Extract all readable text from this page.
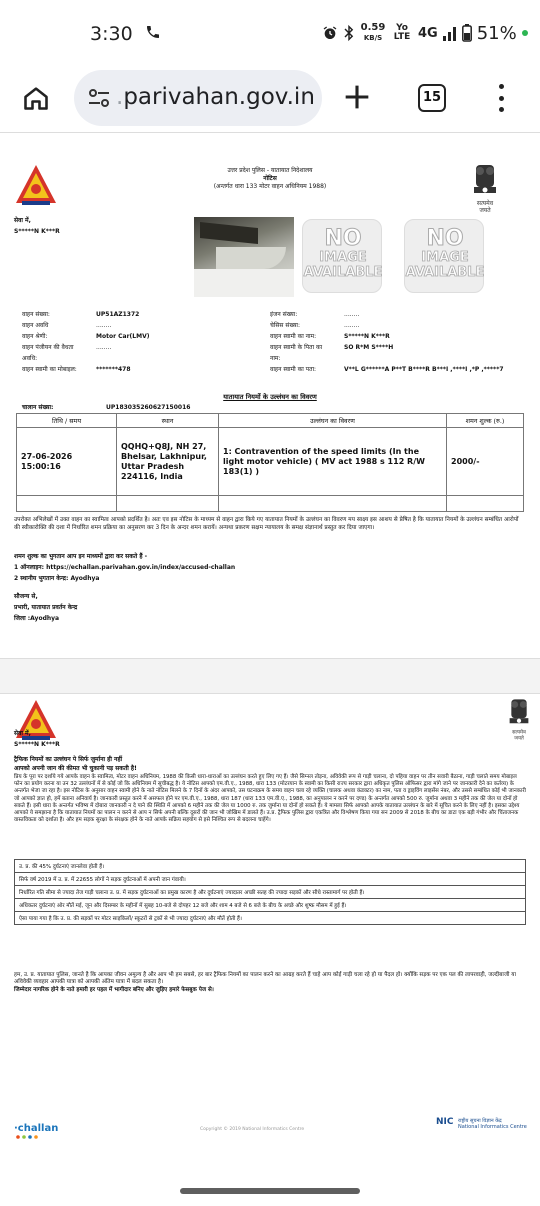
3:30	0.59
KB/S
Yo
LTE 4G 51%
.parivahan.gov.in	15
उत्तर प्रदेश पुलिस - यातायात निदेशालय
नोटिस
(अन्तर्गत धारा 133 मोटर वाहन अधिनियम 1988)
सत्यमेव
जयते
सेवा में,
S*****N K***R	NO
IMAGE
AVAILABLE
NO
IMAGE
AVAILABLE
वाहन संख्या:	UP51AZ1372
वाहन अवधि	........
वाहन श्रेणी:	Motor Car(LMV)
वाहन पंजीयन की वैधता	........
अवधि:
वाहन स्वामी का मोबाइल:	*******478
इंजन संख्या:	........
चेसिस संख्या:	........
वाहन स्वामी का नाम:	S*****N K***R
वाहन स्वामी के पिता का	SO R*M S****H
नाम:
वाहन स्वामी का पता:	V**L G******A P**T B****R B***I ,****I ,*P ,*****7
यातायात नियमों के उल्लंघन का विवरण
चालान संख्या:	UP18303526062715001​6
तिथि / समय	स्थान	उल्लंघन का विवरण	शमन शुल्क (रु.)

27-06-2026
15:00:16	QQHQ+Q8J, NH 27, Bhelsar, Lakhnipur, Uttar Pradesh 224116, India	1: Contravention of the speed limits (In the light motor vehicle) ( MV act 1988 s 112 R/W 183(1) )	2000/-

उपरोक्त अभिलेखों में उक्त वाहन का स्वामित्व आपको प्रदर्शित है। अतः एव इस नोटिस के माध्यम से वाहन द्वारा किये गए यातायात नियमों के उल्लंघन का विवरण मय साक्ष्य इस आशय से प्रेषित है कि यातायात नियमों के उल्लंघन सम्बंधित आरोपों की स्वीकारोक्ति की दशा में निर्धारित शमन प्रक्रिया का अनुसरण कर 3 दिन के अन्दर शमन करायें। अन्यथा प्रकरण सक्षम न्यायालय के समक्ष संज्ञानार्थ प्रस्तुत कर दिया जाएगा।
शमन शुल्क का भुगतान आप इन माध्यमों द्वारा कर सकते हैं -
1 ऑनलाइन: https://echallan.parivahan.gov.in/index/accused-challan
2 स्थानीय भुगतान केन्द्र: Ayodhya
सौजन्य से,
प्रभारी, यातायात प्रवर्तन केन्द्र
जिला :Ayodhya
सत्यमेव
जयते
सेवा में,
S*****N K***R
ट्रैफिक नियमों का उल्लंघन पे सिर्फ जुर्माना ही नहीं
आपको अपनी जान की कीमत भी चुकानी पड़ सकती है!
प्रिय के पूरा पर दर्शाये गये आपके वाहन के स्वामित्व, मोटर वाहन अधिनियम, 1988 की किसी धारा-धाराओं का उल्लंघन करते हुए लिए गए हैं। जैसे सिग्नल तोड़ना, अविवेकी रूप से गाड़ी चलाना, दो पहिया वाहन पर तीन सवारी बैठाना, गाड़ी चलाते समय मोबाइल फोन का प्रयोग करना या उन 32 उल्लंघनों में से कोई जो कि अधिनियम में सूचीबद्ध है। ये नोटिस आपको एम.वी.ए., 1988, धारा 133 (मोटरयान के स्वामी का किसी राज्य सरकार द्वारा अधिकृत पुलिस ऑफिसर द्वारा मांगे जाने पर जानकारी देने का कर्तव्य) के अन्तर्गत भेजा जा रहा है। इस नोटिस के अनुसार वाहन स्वामी होने के नाते नोटिस मिलने के 7 दिनों के अंदर आपको, उस घटनाक्रम के समय वाहन चला रहे व्यक्ति (चालक अथवा कंडक्टर) का नाम, पता व ड्राइविंग लाइसेंस नंबर, और उससे सम्बंधित कोई भी जानकारी जो आपको ज्ञात हो, हमें बताना अनिवार्य है। जानकारी प्रस्तुत करने में असफल होने पर एम.वी.ए., 1988, धारा 187 (धारा 133 एम.वी.ए., 1988, का अनुपालन न करने पर दण्ड) के अन्तर्गत आपको 500 रु. जुर्माना अथवा 3 महीने तक की जेल या दोनों हो सकते हैं। इसी धारा के अन्तर्गत भविष्य में दोबारा जानकारी न दे पाने की स्थिति में आपको 6 महीने तक की जेल या 1000 रु. तक जुर्माना या दोनों हो सकते हैं। ये मामला सिर्फ आपको आपके यातायात उल्लंघन के बारे में सूचित करने के लिए नहीं है। इसका उद्देश्य आपको ये समझाना है कि यातायात नियमों का पालन न करने से आप न सिर्फ अपनी बल्कि दूसरों की जान भी जोखिम में डालते हैं। उ.प्र. ट्रैफिक पुलिस द्वारा एकत्रित और विश्लेषण किया गया सन 2009 से 2018 के बीच का डाटा एक बड़ी गंभीर और चिंताजनक वास्तविकता को दर्शाता है। और हम सड़क सुरक्षा के संरक्षक होने के नाते आपके सक्रिय सहयोग से इसे निश्चित रूप से बदलना चाहेंगे।
उ. प्र. की 45% दुर्घटनाएं जानलेवा होती हैं।
सिर्फ वर्ष 2019 में उ. प्र. में 22655 लोगों ने सड़क दुर्घटनाओं में अपनी जान गंवायी।
निर्धारित गति सीमा से ज्यादा तेज गाड़ी चलाना उ. प्र. में सड़क दुर्घटनाओं का प्रमुख कारण है और दुर्घटनाएं ज्यादातर अच्छी सतह की ज्यादा सड़कों और सीधे रास्तामार्ग पर होती हैं।
अधिकतर दुर्घटनाएं ओर मौतें मई, जून और दिसम्बर के महीनों में सुबह 10-बजे से दोपहर 12 बजे और शाम 4 बजे से 6 बजे के बीच के अच्छे और शुष्क मौसम में हुई हैं।
ऐसा पाया गया है कि उ. प्र. की सड़कों पर मोटर साइकिलों/ स्कूटरों से ट्रकों से भी ज्यादा दुर्घटनाएं और मौतें होती हैं।
हम, उ. प्र. यातायात पुलिस, जानते है कि आपका जीवन अमूल्य है और आप भी हम सबसे, हर बार ट्रैफिक नियमों का पालन करने का आग्रह करते हैं चाहे आप कोई गाड़ी चला रहे हो या पैदल हो। क्योंकि सड़क पर एक पल की लापरवाही, जल्दीबाजी या अविवेकी व्यवहार आपकी यात्रा को आपकी अंतिम यात्रा में बदल सकता है।
जिम्मेदार नागरिक होने के नाते हमारी हर पहल में भागीदार बनिए और जुड़िए हमारे फेसबुक पेज से।
·challan	Copyright © 2019 National Informatics Centre
NIC राष्ट्रीय सूचना विज्ञान केंद्र
National Informatics Centre
